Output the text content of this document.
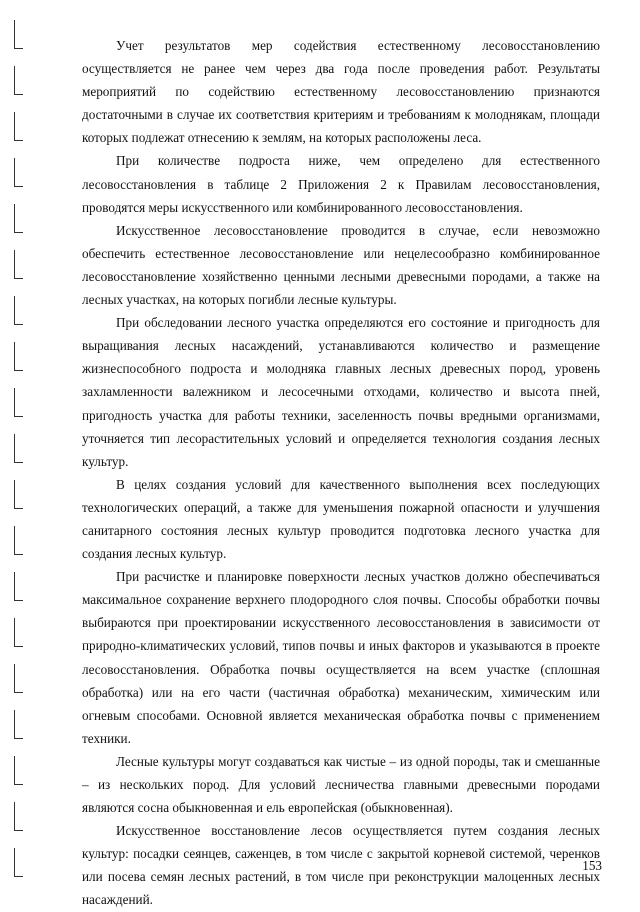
Учет результатов мер содействия естественному лесовосстановлению осуществляется не ранее чем через два года после проведения работ. Результаты мероприятий по содействию естественному лесовосстановлению признаются достаточными в случае их соответствия критериям и требованиям к молоднякам, площади которых подлежат отнесению к землям, на которых расположены леса.

При количестве подроста ниже, чем определено для естественного лесовосстановления в таблице 2 Приложения 2 к Правилам лесовосстановления, проводятся меры искусственного или комбинированного лесовосстановления.

Искусственное лесовосстановление проводится в случае, если невозможно обеспечить естественное лесовосстановление или нецелесообразно комбинированное лесовосстановление хозяйственно ценными лесными древесными породами, а также на лесных участках, на которых погибли лесные культуры.

При обследовании лесного участка определяются его состояние и пригодность для выращивания лесных насаждений, устанавливаются количество и размещение жизнеспособного подроста и молодняка главных лесных древесных пород, уровень захламленности валежником и лесосечными отходами, количество и высота пней, пригодность участка для работы техники, заселенность почвы вредными организмами, уточняется тип лесорастительных условий и определяется технология создания лесных культур.

В целях создания условий для качественного выполнения всех последующих технологических операций, а также для уменьшения пожарной опасности и улучшения санитарного состояния лесных культур проводится подготовка лесного участка для создания лесных культур.

При расчистке и планировке поверхности лесных участков должно обеспечиваться максимальное сохранение верхнего плодородного слоя почвы. Способы обработки почвы выбираются при проектировании искусственного лесовосстановления в зависимости от природно-климатических условий, типов почвы и иных факторов и указываются в проекте лесовосстановления. Обработка почвы осуществляется на всем участке (сплошная обработка) или на его части (частичная обработка) механическим, химическим или огневым способами. Основной является механическая обработка почвы с применением техники.

Лесные культуры могут создаваться как чистые – из одной породы, так и смешанные – из нескольких пород. Для условий лесничества главными древесными породами являются сосна обыкновенная и ель европейская (обыкновенная).

Искусственное восстановление лесов осуществляется путем создания лесных культур: посадки сеянцев, саженцев, в том числе с закрытой корневой системой, черенков или посева семян лесных растений, в том числе при реконструкции малоценных лесных насаждений.

153
